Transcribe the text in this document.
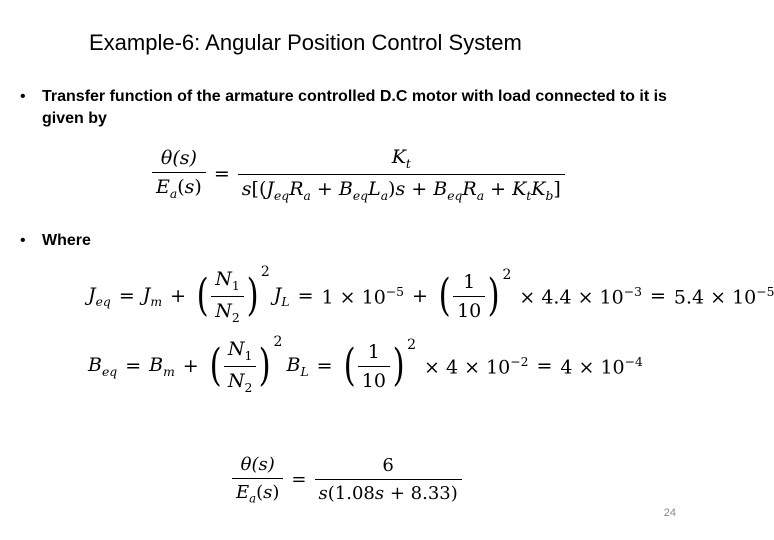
Example-6: Angular Position Control System
• Transfer function of the armature controlled D.C motor with load connected to it is given by
$\frac{\theta(s)}{E_a(s)} = \frac{K_t}{s[(J_{eq}R_a + B_{eq}L_a)s + B_{eq}R_a + K_tK_b]}$
• Where
$J_{eq} = J_m$ + ( $\frac{N_1}{N_2}$ ) 2
$J_L = 1 \times 10^{-5}$ + ( $\frac{1}{10}$ ) 2
× $4.4 \times 10^{-3} = 5.4 \times 10^{-5}$
$B_{eq} = B_m$ + ( $\frac{N_1}{N_2}$ ) 2
$B_L$ = ( $\frac{1}{10}$ ) 2
× $4 \times 10^{-2} = 4 \times 10^{-4}$
$\frac{\theta(s)}{E_a(s)} = \frac{6}{s(1.08s + 8.33)}$
24
